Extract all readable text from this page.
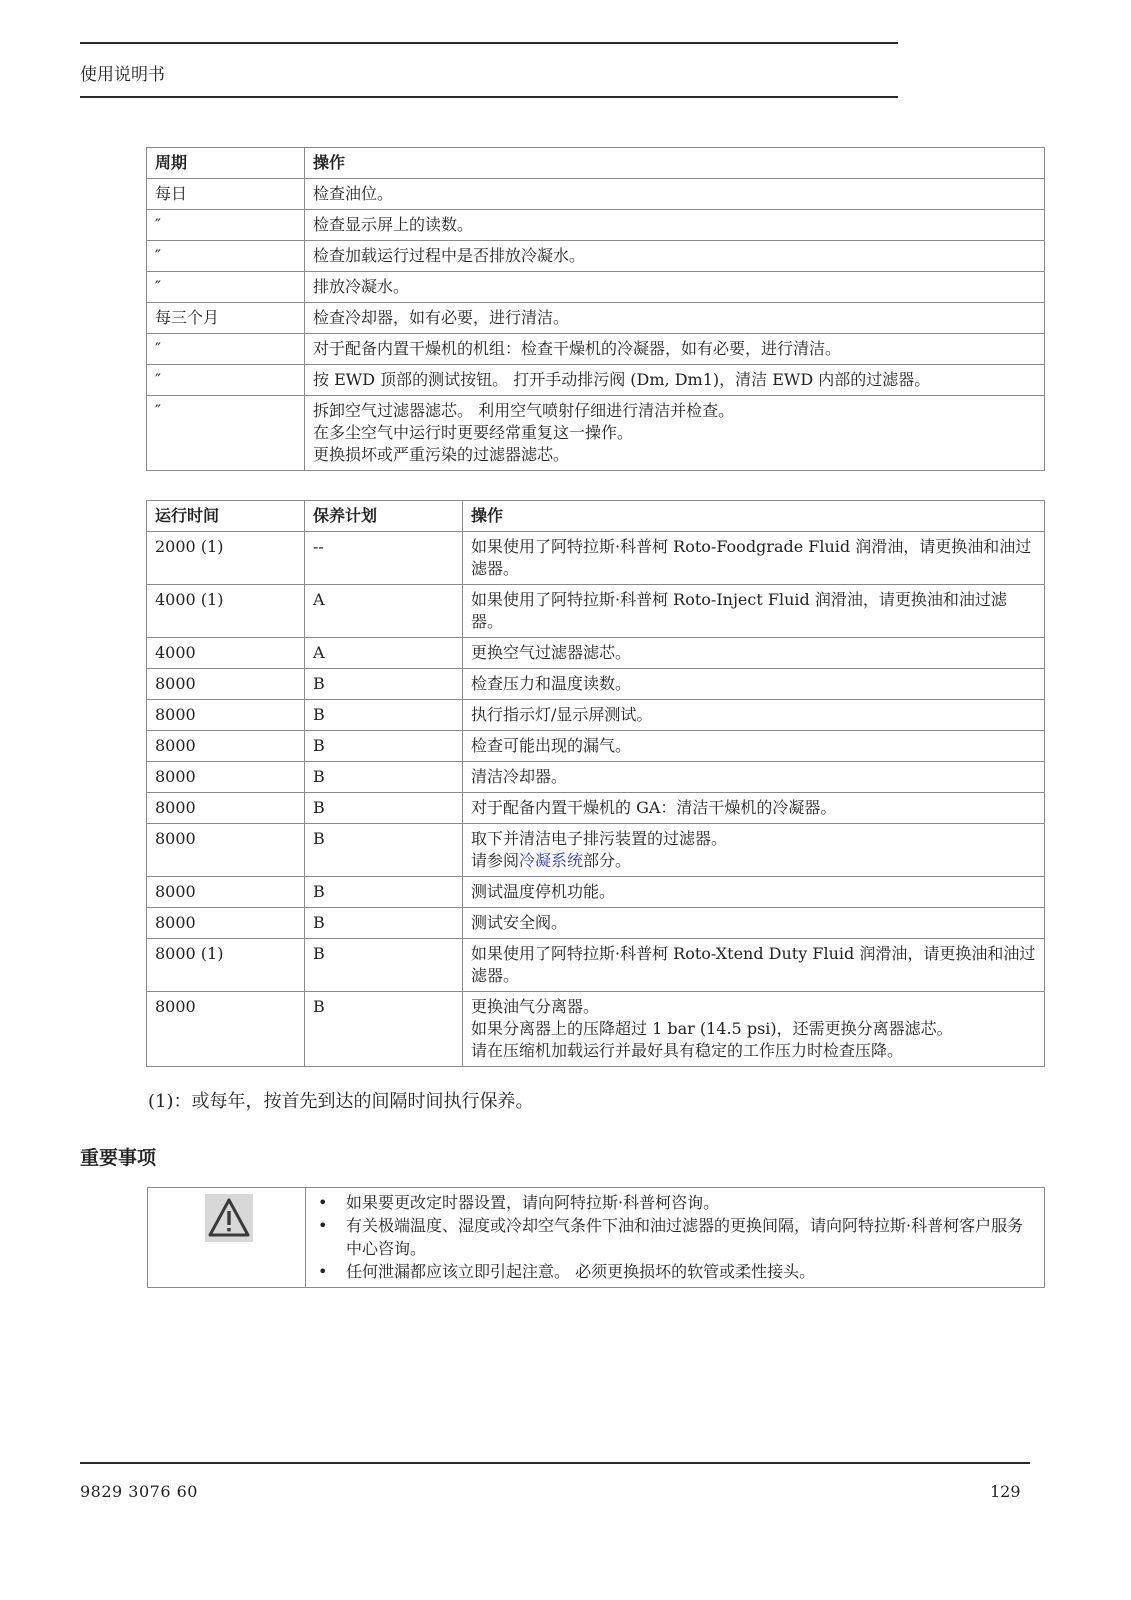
使用说明书
周期	操作
每日	检查油位。

″	检查显示屏上的读数。

″	检查加载运行过程中是否排放冷凝水。

″	排放冷凝水。

每三个月	检查冷却器，如有必要，进行清洁。

″	对于配备内置干燥机的机组：检查干燥机的冷凝器，如有必要，进行清洁。

″	按 EWD 顶部的测试按钮。 打开手动排污阀 (Dm, Dm1)，清洁 EWD 内部的过滤器。

″	拆卸空气过滤器滤芯。 利用空气喷射仔细进行清洁并检查。
在多尘空气中运行时更要经常重复这一操作。
更换损坏或严重污染的过滤器滤芯。
运行时间	保养计划	操作
2000 (1)	--	如果使用了阿特拉斯·科普柯 Roto-Foodgrade Fluid 润滑油，请更换油和油过滤器。

4000 (1)	A	如果使用了阿特拉斯·科普柯 Roto-Inject Fluid 润滑油，请更换油和油过滤器。

4000	A	更换空气过滤器滤芯。

8000	B	检查压力和温度读数。

8000	B	执行指示灯/显示屏测试。

8000	B	检查可能出现的漏气。

8000	B	清洁冷却器。

8000	B	对于配备内置干燥机的 GA：清洁干燥机的冷凝器。

8000	B	取下并清洁电子排污装置的过滤器。
请参阅冷凝系统部分。

8000	B	测试温度停机功能。

8000	B	测试安全阀。

8000 (1)	B	如果使用了阿特拉斯·科普柯 Roto-Xtend Duty Fluid 润滑油，请更换油和油过滤器。

8000	B	更换油气分离器。
如果分离器上的压降超过 1 bar (14.5 psi)，还需更换分离器滤芯。
请在压缩机加载运行并最好具有稳定的工作压力时检查压降。
(1)：或每年，按首先到达的间隔时间执行保养。
重要事项
• 如果要更改定时器设置，请向阿特拉斯·科普柯咨询。
• 有关极端温度、湿度或冷却空气条件下油和油过滤器的更换间隔，请向阿特拉斯·科普柯客户服务中心咨询。
• 任何泄漏都应该立即引起注意。 必须更换损坏的软管或柔性接头。
9829 3076 60	129
